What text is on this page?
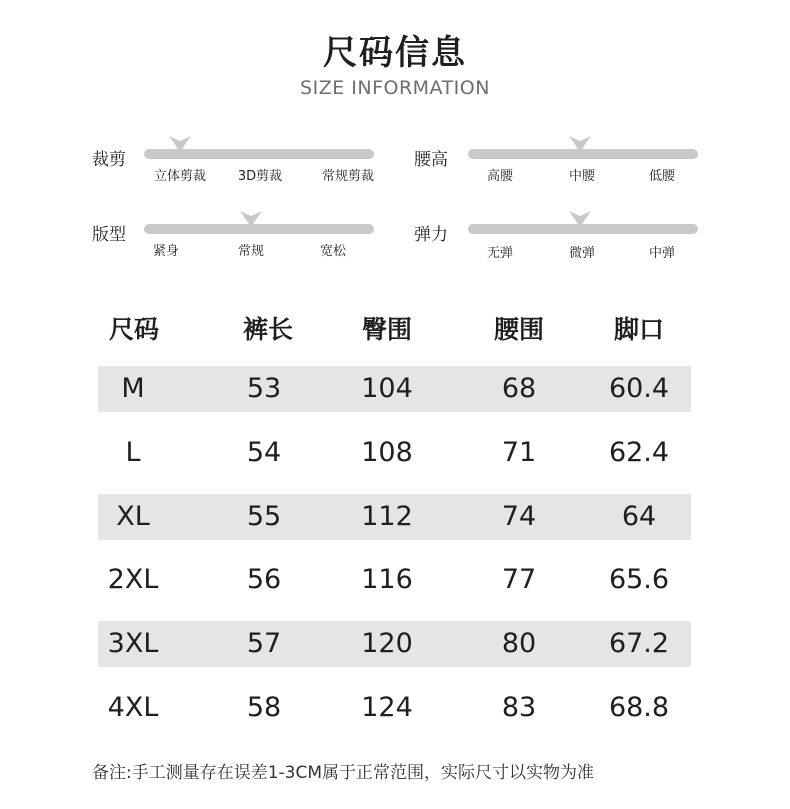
尺码信息
SIZE INFORMATION
裁剪
立体剪裁 3D剪裁	常规剪裁
腰高
高腰	中腰	低腰
版型
紧身	常规	宽松
弹力
无弹	微弹	中弹
尺码	裤长	臀围	腰围	脚口
M	53	104	68	60.4
L	54	108	71	62.4
XL	55	112	74	64
2XL	56	116	77	65.6
3XL	57	120	80	67.2
4XL	58	124	83	68.8
备注:手工测量存在误差1-3CM属于正常范围，实际尺寸以实物为准
